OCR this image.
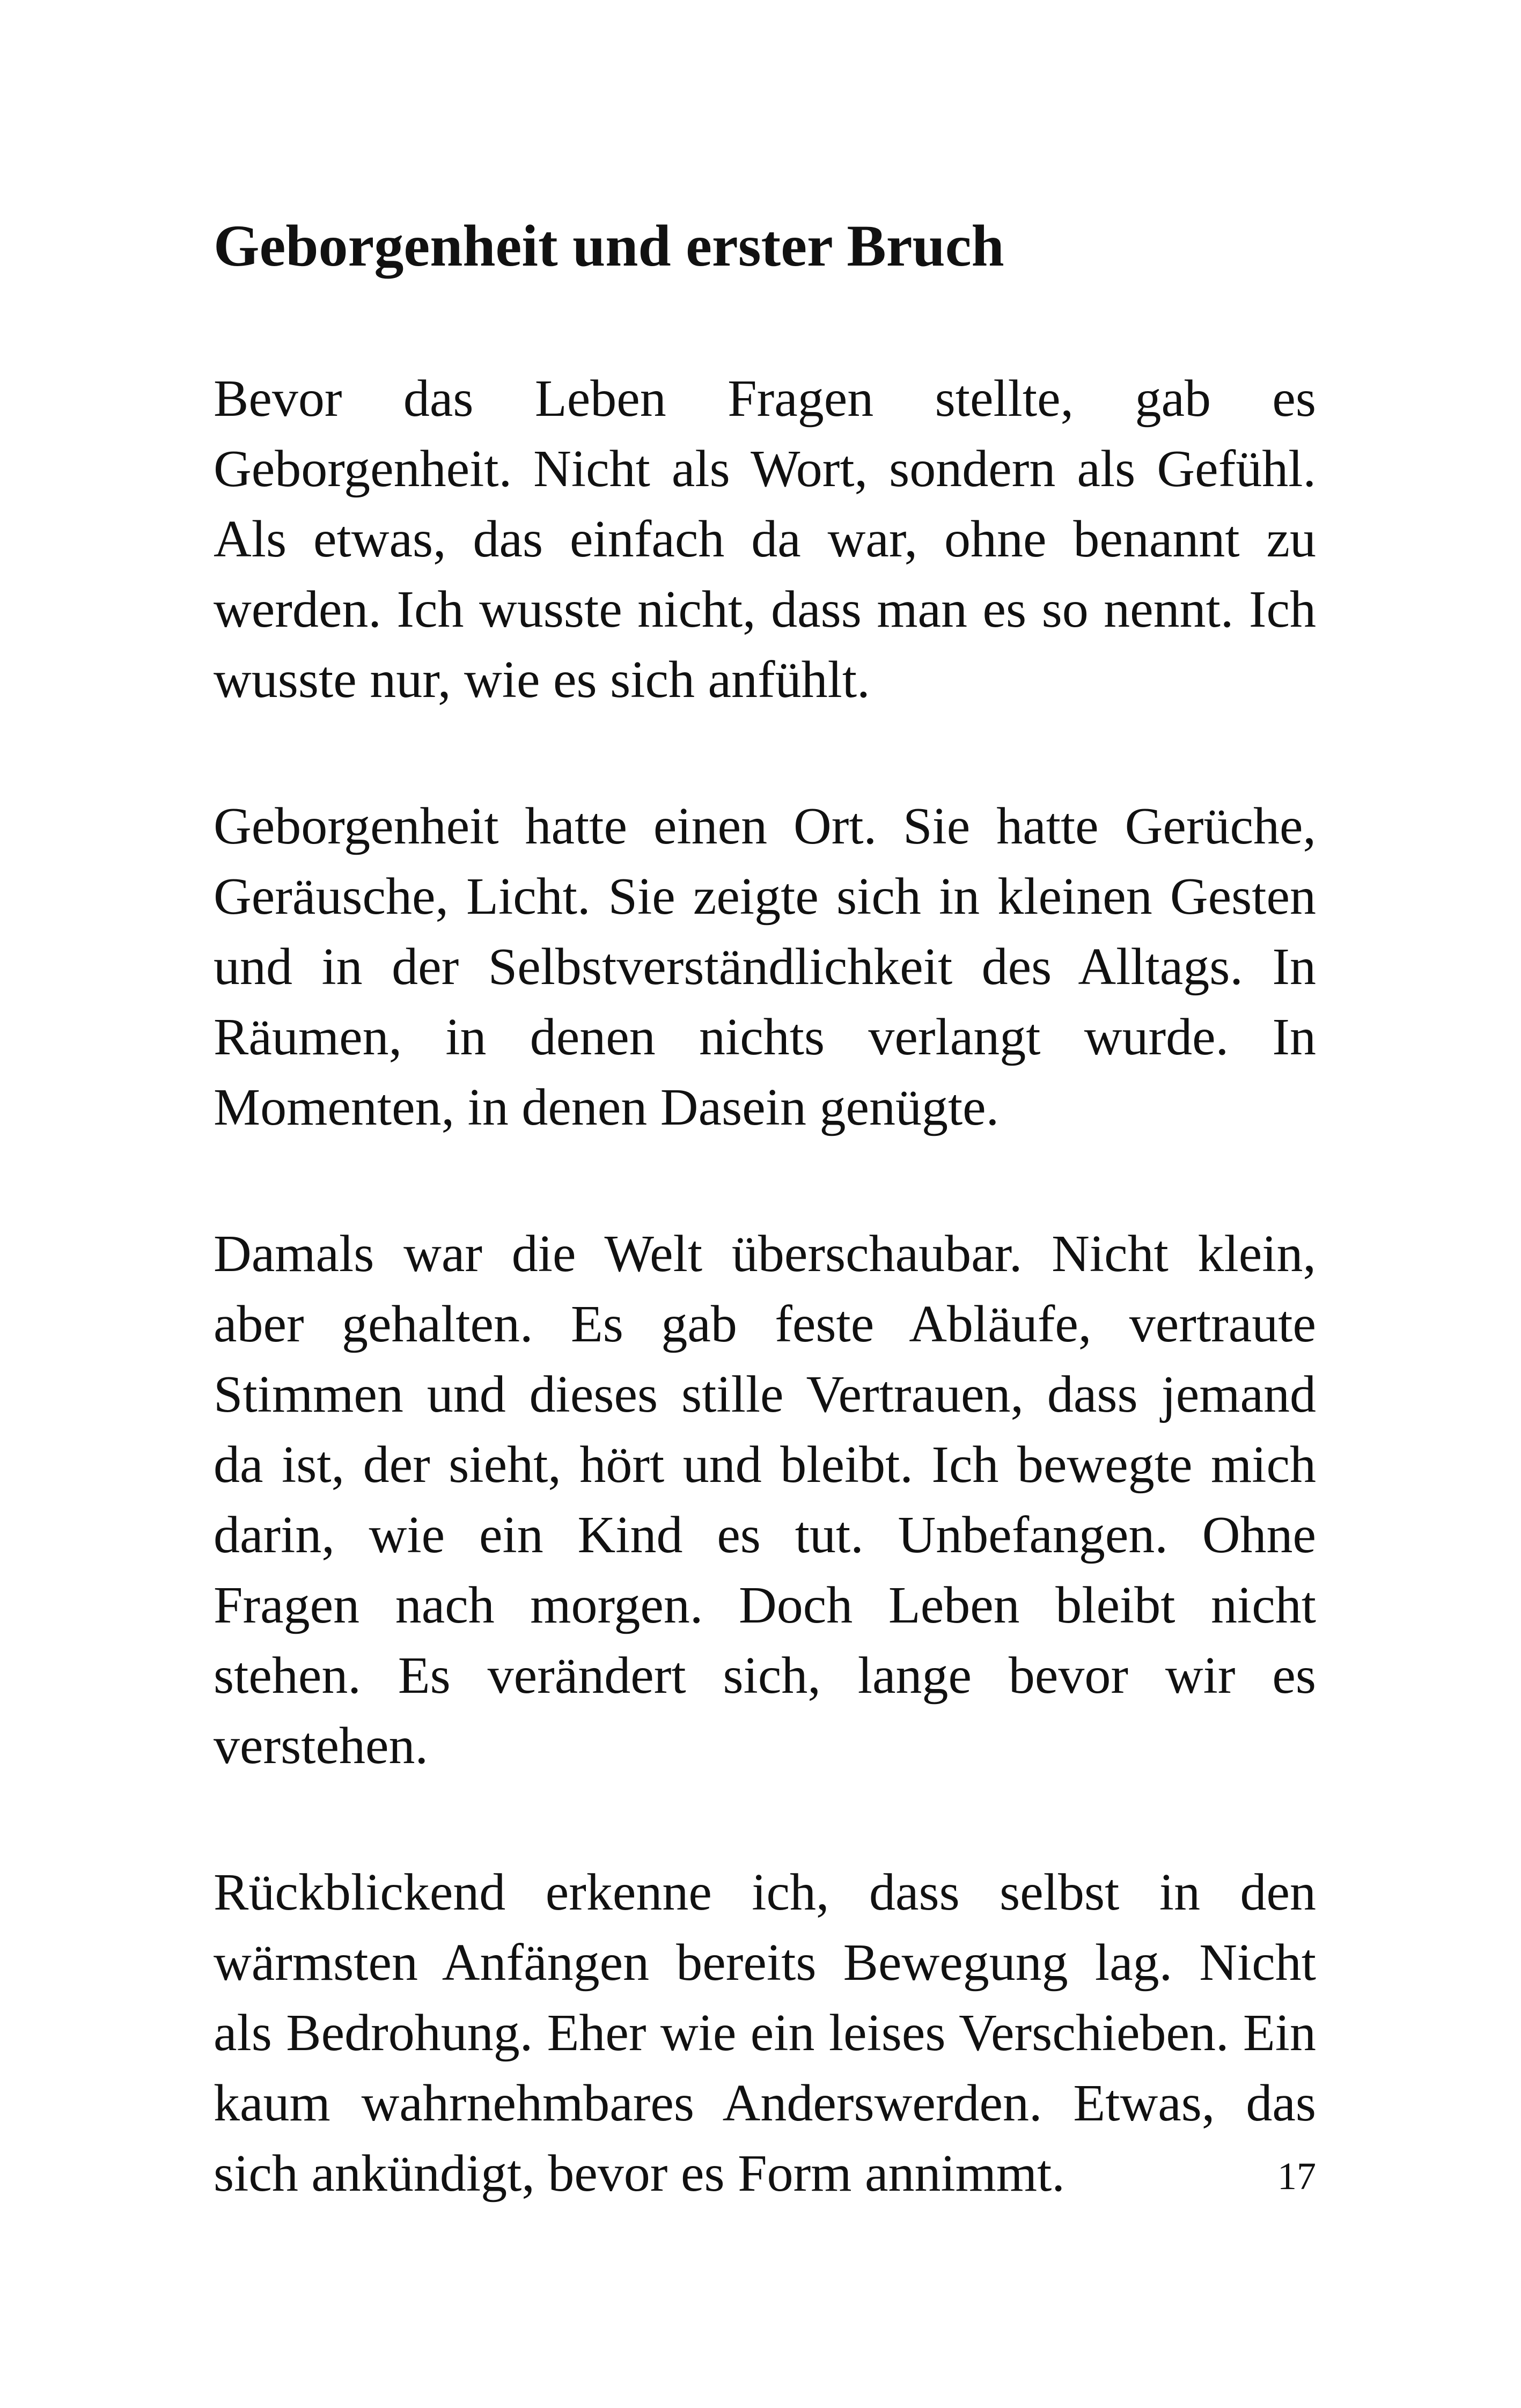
Geborgenheit und erster Bruch

Bevor das Leben Fragen stellte, gab es Geborgenheit. Nicht als Wort, sondern als Gefühl. Als etwas, das einfach da war, ohne benannt zu werden. Ich wusste nicht, dass man es so nennt. Ich wusste nur, wie es sich anfühlt.

Geborgenheit hatte einen Ort. Sie hatte Gerüche, Geräusche, Licht. Sie zeigte sich in kleinen Gesten und in der Selbstverständlichkeit des Alltags. In Räumen, in denen nichts verlangt wurde. In Momenten, in denen Dasein genügte.

Damals war die Welt überschaubar. Nicht klein, aber gehalten. Es gab feste Abläufe, vertraute Stimmen und dieses stille Vertrauen, dass jemand da ist, der sieht, hört und bleibt. Ich bewegte mich darin, wie ein Kind es tut. Unbefangen. Ohne Fragen nach morgen. Doch Leben bleibt nicht stehen. Es verändert sich, lange bevor wir es verstehen.

Rückblickend erkenne ich, dass selbst in den wärmsten Anfängen bereits Bewegung lag. Nicht als Bedrohung. Eher wie ein leises Verschieben. Ein kaum wahrnehmbares Anderswerden. Etwas, das sich ankündigt, bevor es Form annimmt.	17
